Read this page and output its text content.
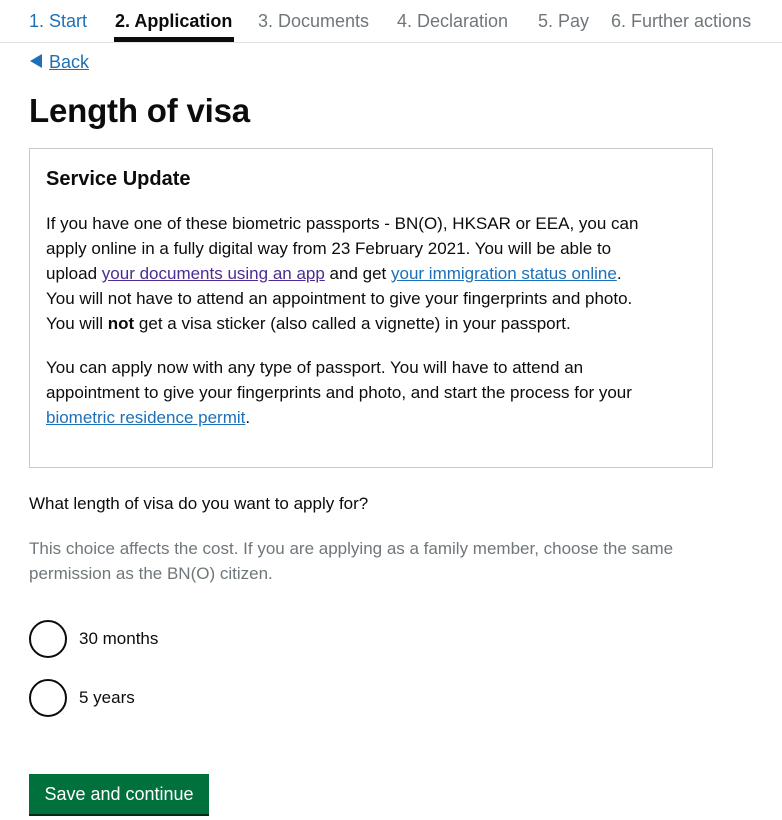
1. Start 2. Application 3. Documents 4. Declaration 5. Pay 6. Further actions
Back
Length of visa
Service Update
If you have one of these biometric passports - BN(O), HKSAR or EEA, you can
apply online in a fully digital way from 23 February 2021. You will be able to
upload your documents using an app and get your immigration status online.
You will not have to attend an appointment to give your fingerprints and photo.
You will not get a visa sticker (also called a vignette) in your passport.
You can apply now with any type of passport. You will have to attend an
appointment to give your fingerprints and photo, and start the process for your
biometric residence permit.
What length of visa do you want to apply for?
This choice affects the cost. If you are applying as a family member, choose the same
permission as the BN(O) citizen.
30 months
5 years
Save and continue
